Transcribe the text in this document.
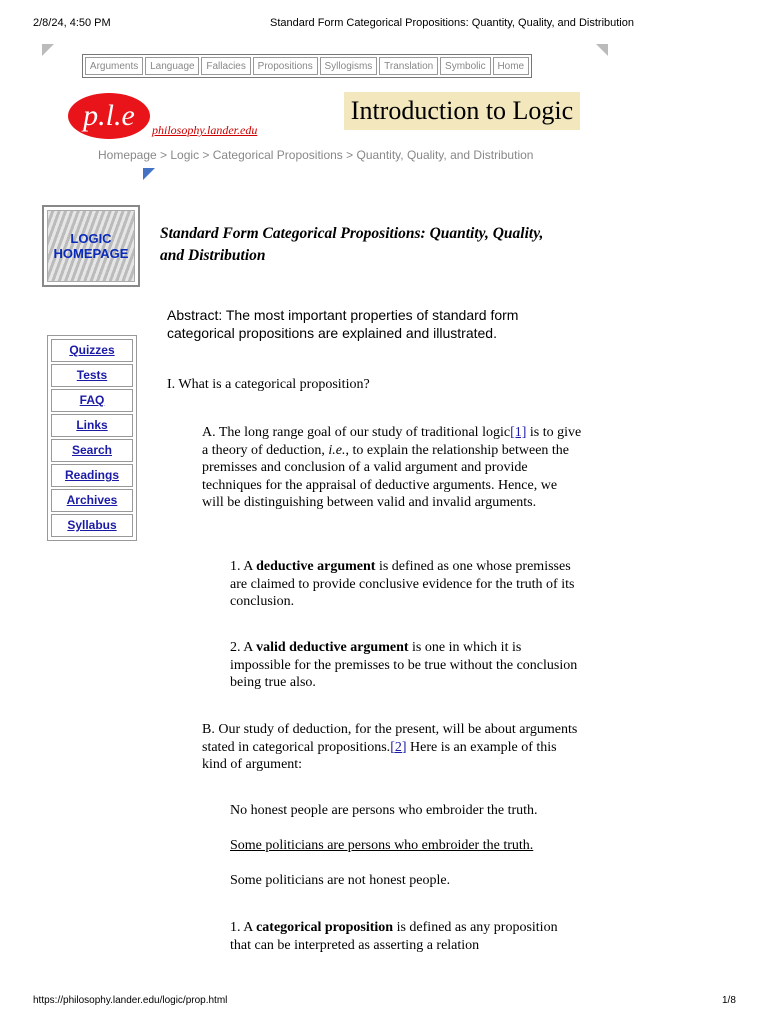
2/8/24, 4:50 PM	Standard Form Categorical Propositions: Quantity, Quality, and Distribution
https://philosophy.lander.edu/logic/prop.html	1/8
Arguments	Language	Fallacies	Propositions	Syllogisms	Translation	Symbolic	Home
p.l.e	philosophy.lander.edu
Introduction to Logic
Homepage > Logic > Categorical Propositions > Quantity, Quality, and Distribution
LOGIC
HOMEPAGE
Standard Form Categorical Propositions: Quantity, Quality, and Distribution
Abstract: The most important properties of standard form categorical propositions are explained and illustrated.
Quizzes
Tests
FAQ
Links
Search
Readings
Archives
Syllabus
I. What is a categorical proposition?
A. The long range goal of our study of traditional logic[1] is to give a theory of deduction, i.e., to explain the relationship between the premisses and conclusion of a valid argument and provide techniques for the appraisal of deductive arguments. Hence, we will be distinguishing between valid and invalid arguments.
1. A deductive argument is defined as one whose premisses are claimed to provide conclusive evidence for the truth of its conclusion.
2. A valid deductive argument is one in which it is impossible for the premisses to be true without the conclusion being true also.
B. Our study of deduction, for the present, will be about arguments stated in categorical propositions.[2] Here is an example of this kind of argument:
No honest people are persons who embroider the truth.
Some politicians are persons who embroider the truth.
Some politicians are not honest people.
1. A categorical proposition is defined as any proposition that can be interpreted as asserting a relation
